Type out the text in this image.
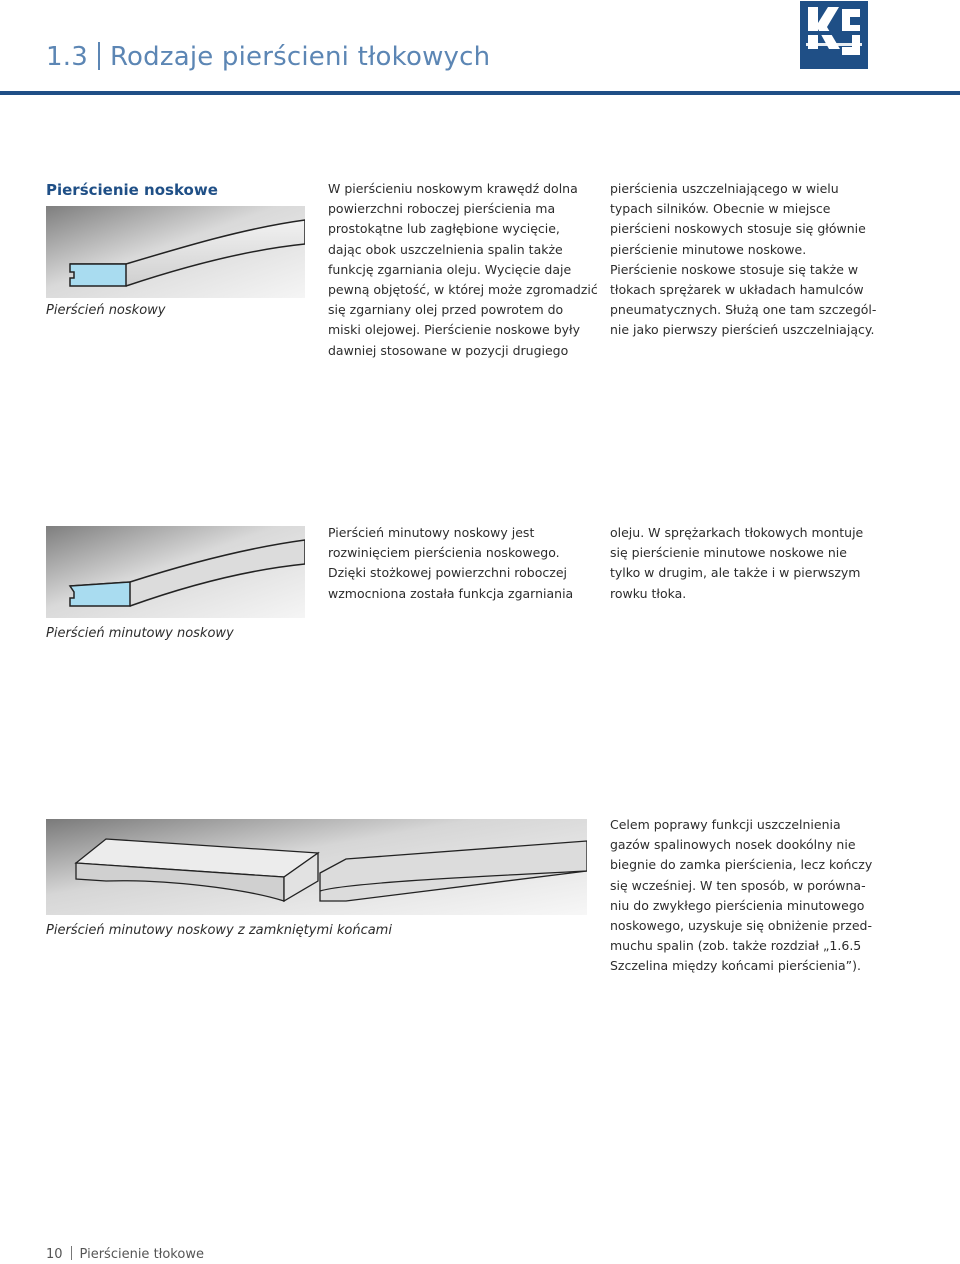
1.3 Rodzaje pierścieni tłokowych
Pierścienie noskowe
Pierścień noskowy
W pierścieniu noskowym krawędź dolna
powierzchni roboczej pierścienia ma
prostokątne lub zagłębione wycięcie,
dając obok uszczelnienia spalin także
funkcję zgarniania oleju. Wycięcie daje
pewną objętość, w której może zgromadzić
się zgarniany olej przed powrotem do
miski olejowej. Pierścienie noskowe były
dawniej stosowane w pozycji drugiego
pierścienia uszczelniającego w wielu
typach silników. Obecnie w miejsce
pierścieni noskowych stosuje się głównie
pierścienie minutowe noskowe.
Pierścienie noskowe stosuje się także w
tłokach sprężarek w układach hamulców
pneumatycznych. Służą one tam szczegól-
nie jako pierwszy pierścień uszczelniający.
Pierścień minutowy noskowy
Pierścień minutowy noskowy jest
rozwinięciem pierścienia noskowego.
Dzięki stożkowej powierzchni roboczej
wzmocniona została funkcja zgarniania
oleju. W sprężarkach tłokowych montuje
się pierścienie minutowe noskowe nie
tylko w drugim, ale także i w pierwszym
rowku tłoka.
Pierścień minutowy noskowy z zamkniętymi końcami
Celem poprawy funkcji uszczelnienia
gazów spalinowych nosek dookólny nie
biegnie do zamka pierścienia, lecz kończy
się wcześniej. W ten sposób, w porówna-
niu do zwykłego pierścienia minutowego
noskowego, uzyskuje się obniżenie przed-
muchu spalin (zob. także rozdział „1.6.5
Szczelina między końcami pierścienia”).
10 Pierścienie tłokowe
